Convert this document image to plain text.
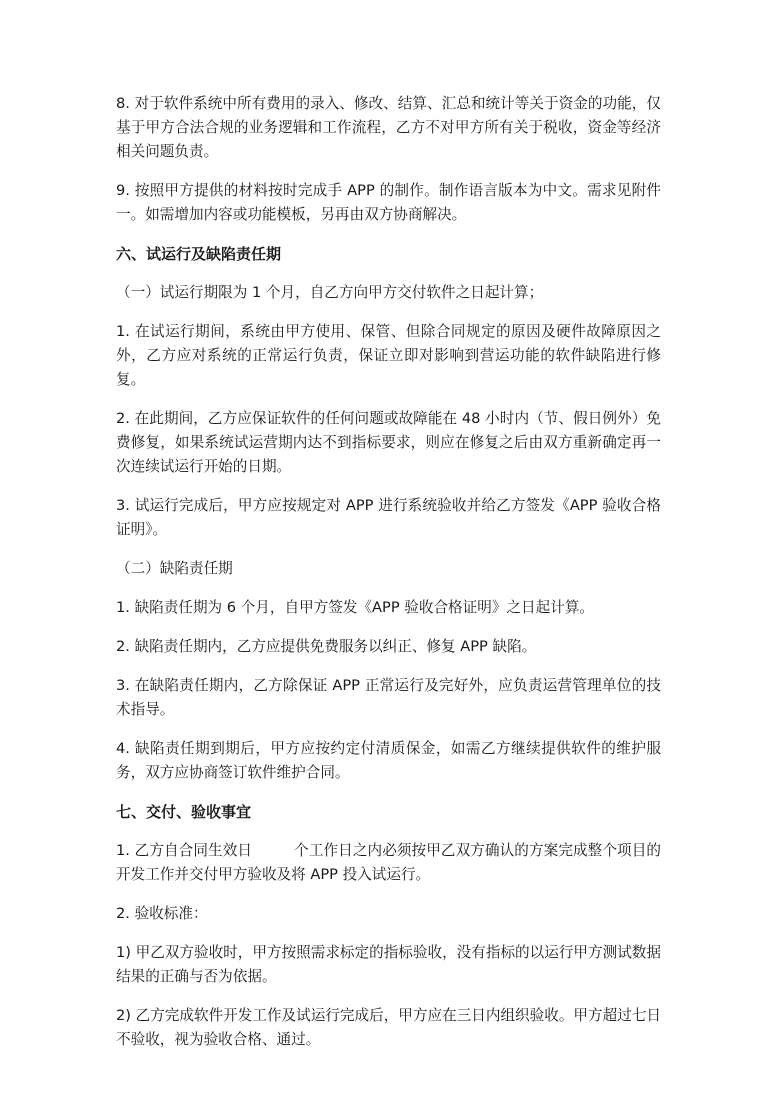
8. 对于软件系统中所有费用的录入、修改、结算、汇总和统计等关于资金的功能，仅基于甲方合法合规的业务逻辑和工作流程，乙方不对甲方所有关于税收，资金等经济相关问题负责。

9. 按照甲方提供的材料按时完成手 APP 的制作。制作语言版本为中文。需求见附件一。如需增加内容或功能模板，另再由双方协商解决。

六、试运行及缺陷责任期

（一）试运行期限为 1 个月，自乙方向甲方交付软件之日起计算；

1. 在试运行期间，系统由甲方使用、保管、但除合同规定的原因及硬件故障原因之外，乙方应对系统的正常运行负责，保证立即对影响到营运功能的软件缺陷进行修复。

2. 在此期间，乙方应保证软件的任何问题或故障能在 48 小时内（节、假日例外）免费修复，如果系统试运营期内达不到指标要求，则应在修复之后由双方重新确定再一次连续试运行开始的日期。

3. 试运行完成后，甲方应按规定对 APP 进行系统验收并给乙方签发《APP 验收合格证明》。

（二）缺陷责任期

1. 缺陷责任期为 6 个月，自甲方签发《APP 验收合格证明》之日起计算。

2. 缺陷责任期内，乙方应提供免费服务以纠正、修复 APP 缺陷。

3. 在缺陷责任期内，乙方除保证 APP 正常运行及完好外，应负责运营管理单位的技术指导。

4. 缺陷责任期到期后，甲方应按约定付清质保金，如需乙方继续提供软件的维护服务，双方应协商签订软件维护合同。

七、交付、验收事宜

1. 乙方自合同生效日	个工作日之内必须按甲乙双方确认的方案完成整个项目的开发工作并交付甲方验收及将 APP 投入试运行。

2. 验收标准：

1) 甲乙双方验收时，甲方按照需求标定的指标验收，没有指标的以运行甲方测试数据结果的正确与否为依据。

2) 乙方完成软件开发工作及试运行完成后，甲方应在三日内组织验收。甲方超过七日不验收，视为验收合格、通过。
